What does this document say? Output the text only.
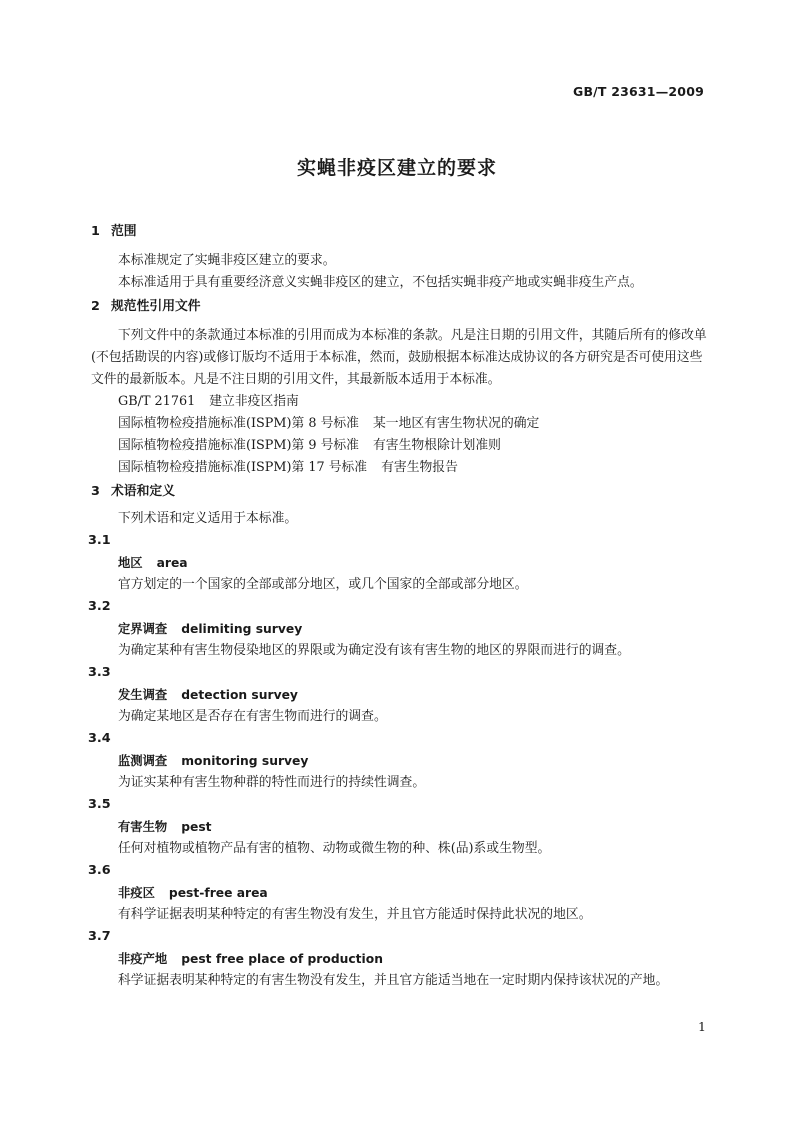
GB/T 23631—2009
实蝇非疫区建立的要求

1 范围

本标准规定了实蝇非疫区建立的要求。

本标准适用于具有重要经济意义实蝇非疫区的建立，不包括实蝇非疫产地或实蝇非疫生产点。

2 规范性引用文件

下列文件中的条款通过本标准的引用而成为本标准的条款。凡是注日期的引用文件，其随后所有的修改单(不包括勘误的内容)或修订版均不适用于本标准，然而，鼓励根据本标准达成协议的各方研究是否可使用这些文件的最新版本。凡是不注日期的引用文件，其最新版本适用于本标准。

GB/T 21761 建立非疫区指南

国际植物检疫措施标准(ISPM)第 8 号标准 某一地区有害生物状况的确定

国际植物检疫措施标准(ISPM)第 9 号标准 有害生物根除计划准则

国际植物检疫措施标准(ISPM)第 17 号标准 有害生物报告

3 术语和定义

下列术语和定义适用于本标准。

3.1

地区 area

官方划定的一个国家的全部或部分地区，或几个国家的全部或部分地区。

3.2

定界调查 delimiting survey

为确定某种有害生物侵染地区的界限或为确定没有该有害生物的地区的界限而进行的调查。

3.3

发生调查 detection survey

为确定某地区是否存在有害生物而进行的调查。

3.4

监测调查 monitoring survey

为证实某种有害生物种群的特性而进行的持续性调查。

3.5

有害生物 pest

任何对植物或植物产品有害的植物、动物或微生物的种、株(品)系或生物型。

3.6

非疫区 pest-free area

有科学证据表明某种特定的有害生物没有发生，并且官方能适时保持此状况的地区。

3.7

非疫产地 pest free place of production

科学证据表明某种特定的有害生物没有发生，并且官方能适当地在一定时期内保持该状况的产地。

1
